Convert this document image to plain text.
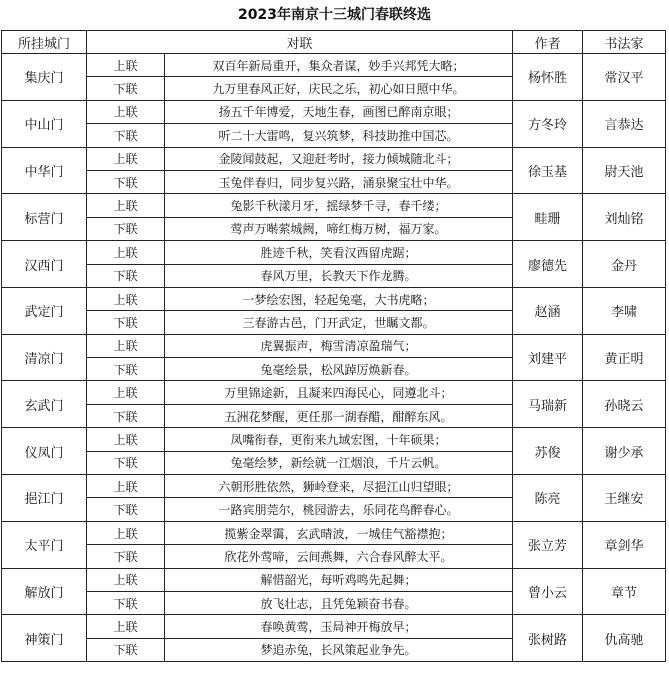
2023年南京十三城门春联终选
所挂城门	对联		作者	书法家
集庆门	上联	双百年新局重开，集众者谋，妙手兴邦凭大略；	杨怀胜	常汉平
	下联	九万里春风正好，庆民之乐，初心如日照中华。		
中山门	上联	扬五千年博爱，天地生春，画图已醉南京眼；	方冬玲	言恭达
	下联	听二十大雷鸣，复兴筑梦，科技助推中国芯。		
中华门	上联	金陵闻鼓起，又迎赶考时，接力倾城随北斗；	徐玉基	尉天池
	下联	玉兔伴春归，同步复兴路，涌泉聚宝壮中华。		
标营门	上联	兔影千秋漾月牙，摇绿梦千寻，春千缕；	畦珊	刘灿铭
	下联	莺声万啭萦城阙，啼红梅万树，福万家。		
汉西门	上联	胜迹千秋，笑看汉西留虎踞；	廖德先	金丹
	下联	春风万里，长教天下作龙腾。		
武定门	上联	一梦绘宏图，轻起兔毫，大书虎略；	赵涵	李啸
	下联	三春游古邑，门开武定，世瞩文都。		
清凉门	上联	虎翼振声，梅雪清凉盈瑞气；	刘建平	黄正明
	下联	兔毫绘景，松风踔厉焕新春。		
玄武门	上联	万里锦途新，且凝来四海民心，同遵北斗；	马瑞新	孙晓云
	下联	五洲花梦醒，更任那一湖春醋，酣醉东风。		
仪凤门	上联	凤嘴衔春，更衔来九域宏图，十年硕果；	苏俊	谢少承
	下联	兔毫绘梦，新绘就一江烟浪，千片云帆。		
挹江门	上联	六朝形胜依然，狮岭登来，尽挹江山归望眼；	陈亮	王继安
	下联	一路宾朋莞尔，桃园游去，乐同花鸟醉春心。		
太平门	上联	揽紫金翠霭，玄武晴波，一城佳气豁襟抱；	张立芳	章剑华
	下联	欣花外莺啼，云间燕舞，六合春风醉太平。		
解放门	上联	解惜韶光，每听鸡鸣先起舞；	曾小云	章节
	下联	放飞壮志，且凭兔颖奋书春。		
神策门	上联	春唤黄莺，玉局神开梅放早；	张树路	仇高驰
	下联	梦追赤兔，长风策起业争先。		
